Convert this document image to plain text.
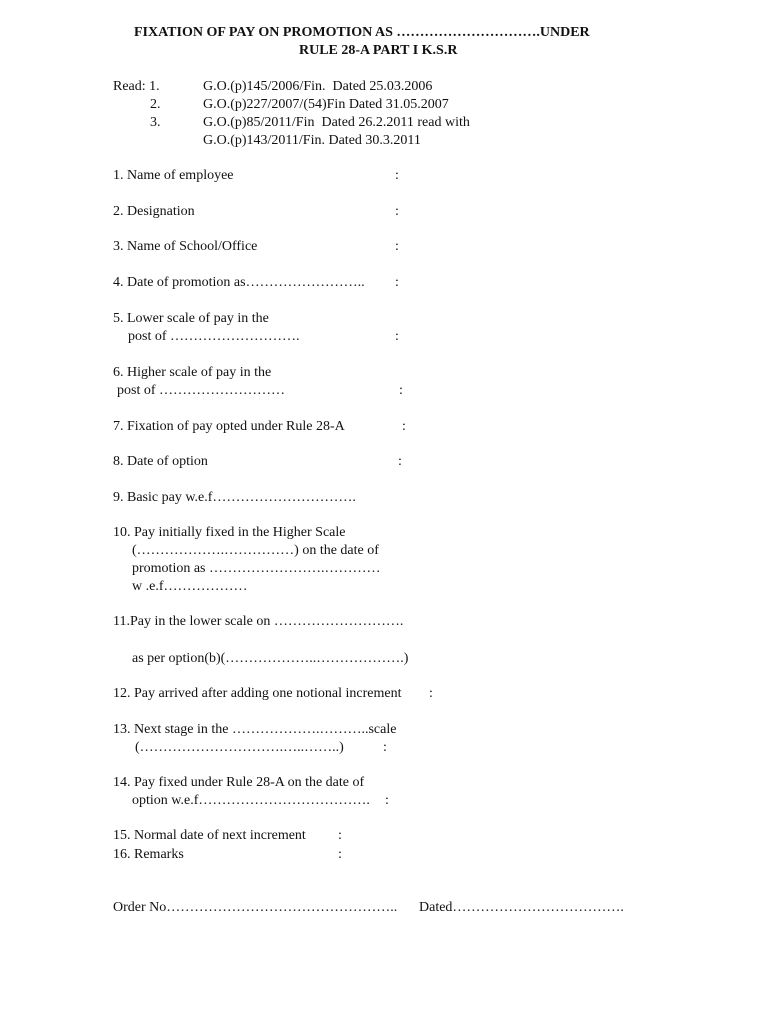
FIXATION OF PAY ON PROMOTION AS ………………………….UNDER
RULE 28-A PART I K.S.R
Read: 1.	G.O.(p)145/2006/Fin.  Dated 25.03.2006
2.	G.O.(p)227/2007/(54)Fin Dated 31.05.2007
3.	G.O.(p)85/2011/Fin  Dated 26.2.2011 read with
G.O.(p)143/2011/Fin. Dated 30.3.2011
1. Name of employee	:
2. Designation	:
3. Name of School/Office	:
4. Date of promotion as…………………….. :
5. Lower scale of pay in the
post of ……………………….	:
6. Higher scale of pay in the
post of ………………………	:
7. Fixation of pay opted under Rule 28-A	:
8. Date of option	:
9. Basic pay w.e.f………………………….
10. Pay initially fixed in the Higher Scale
(……………….……………) on the date of
promotion as …………………….…………
w .e.f………………
11.Pay in the lower scale on ……………………….
as per option(b)(………………..……………….)
12. Pay arrived after adding one notional increment :
13. Next stage in the ……………….………..scale
(………………………….…..……..)	:
14. Pay fixed under Rule 28-A on the date of
option w.e.f………………………………. :
15. Normal date of next increment :
16. Remarks	:
Order No………………………………………….. Dated……………………………….
